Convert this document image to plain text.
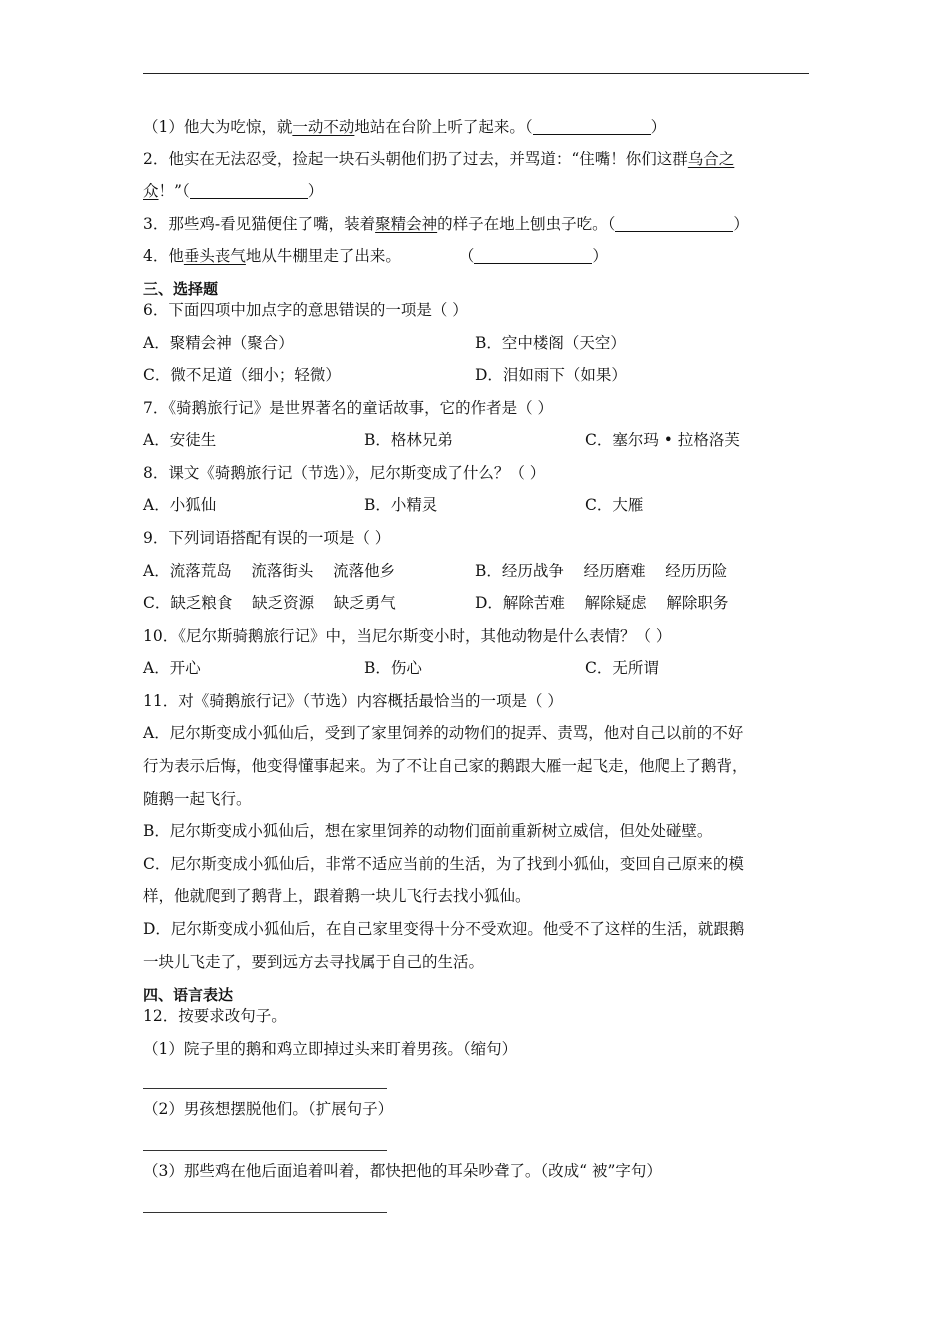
（1）他大为吃惊，就一动不动地站在台阶上听了起来。（	）
2．他实在无法忍受，捡起一块石头朝他们扔了过去，并骂道：“住嘴！你们这群乌合之
众！”（	）
3．那些鸡-看见猫便住了嘴，装着聚精会神的样子在地上刨虫子吃。（	）
4．他垂头丧气地从牛棚里走了出来。	（	）
三、选择题
6．下面四项中加点字的意思错误的一项是（ ）
A．聚精会神（聚合）	B．空中楼阁（天空）
C．微不足道（细小；轻微）	D．泪如雨下（如果）
7．《骑鹅旅行记》是世界著名的童话故事，它的作者是（ ）
A．安徒生	B．格林兄弟	C．塞尔玛 • 拉格洛芙
8．课文《骑鹅旅行记（节选）》，尼尔斯变成了什么？（ ）
A．小狐仙	B．小精灵	C．大雁
9．下列词语搭配有误的一项是（ ）
A．流落荒岛    流落街头    流落他乡	B．经历战争    经历磨难    经历历险
C．缺乏粮食    缺乏资源    缺乏勇气	D．解除苦难    解除疑虑    解除职务
10．《尼尔斯骑鹅旅行记》中，当尼尔斯变小时，其他动物是什么表情？（ ）
A．开心	B．伤心	C．无所谓
11．对《骑鹅旅行记》（节选）内容概括最恰当的一项是（ ）
A．尼尔斯变成小狐仙后，受到了家里饲养的动物们的捉弄、责骂，他对自己以前的不好
行为表示后悔，他变得懂事起来。为了不让自己家的鹅跟大雁一起飞走，他爬上了鹅背，
随鹅一起飞行。
B．尼尔斯变成小狐仙后，想在家里饲养的动物们面前重新树立威信，但处处碰壁。
C．尼尔斯变成小狐仙后，非常不适应当前的生活，为了找到小狐仙，变回自己原来的模
样，他就爬到了鹅背上，跟着鹅一块儿飞行去找小狐仙。
D．尼尔斯变成小狐仙后，在自己家里变得十分不受欢迎。他受不了这样的生活，就跟鹅
一块儿飞走了，要到远方去寻找属于自己的生活。
四、语言表达
12．按要求改句子。
（1）院子里的鹅和鸡立即掉过头来盯着男孩。（缩句）
（2）男孩想摆脱他们。（扩展句子）
（3）那些鸡在他后面追着叫着，都快把他的耳朵吵聋了。（改成“ 被”字句）
